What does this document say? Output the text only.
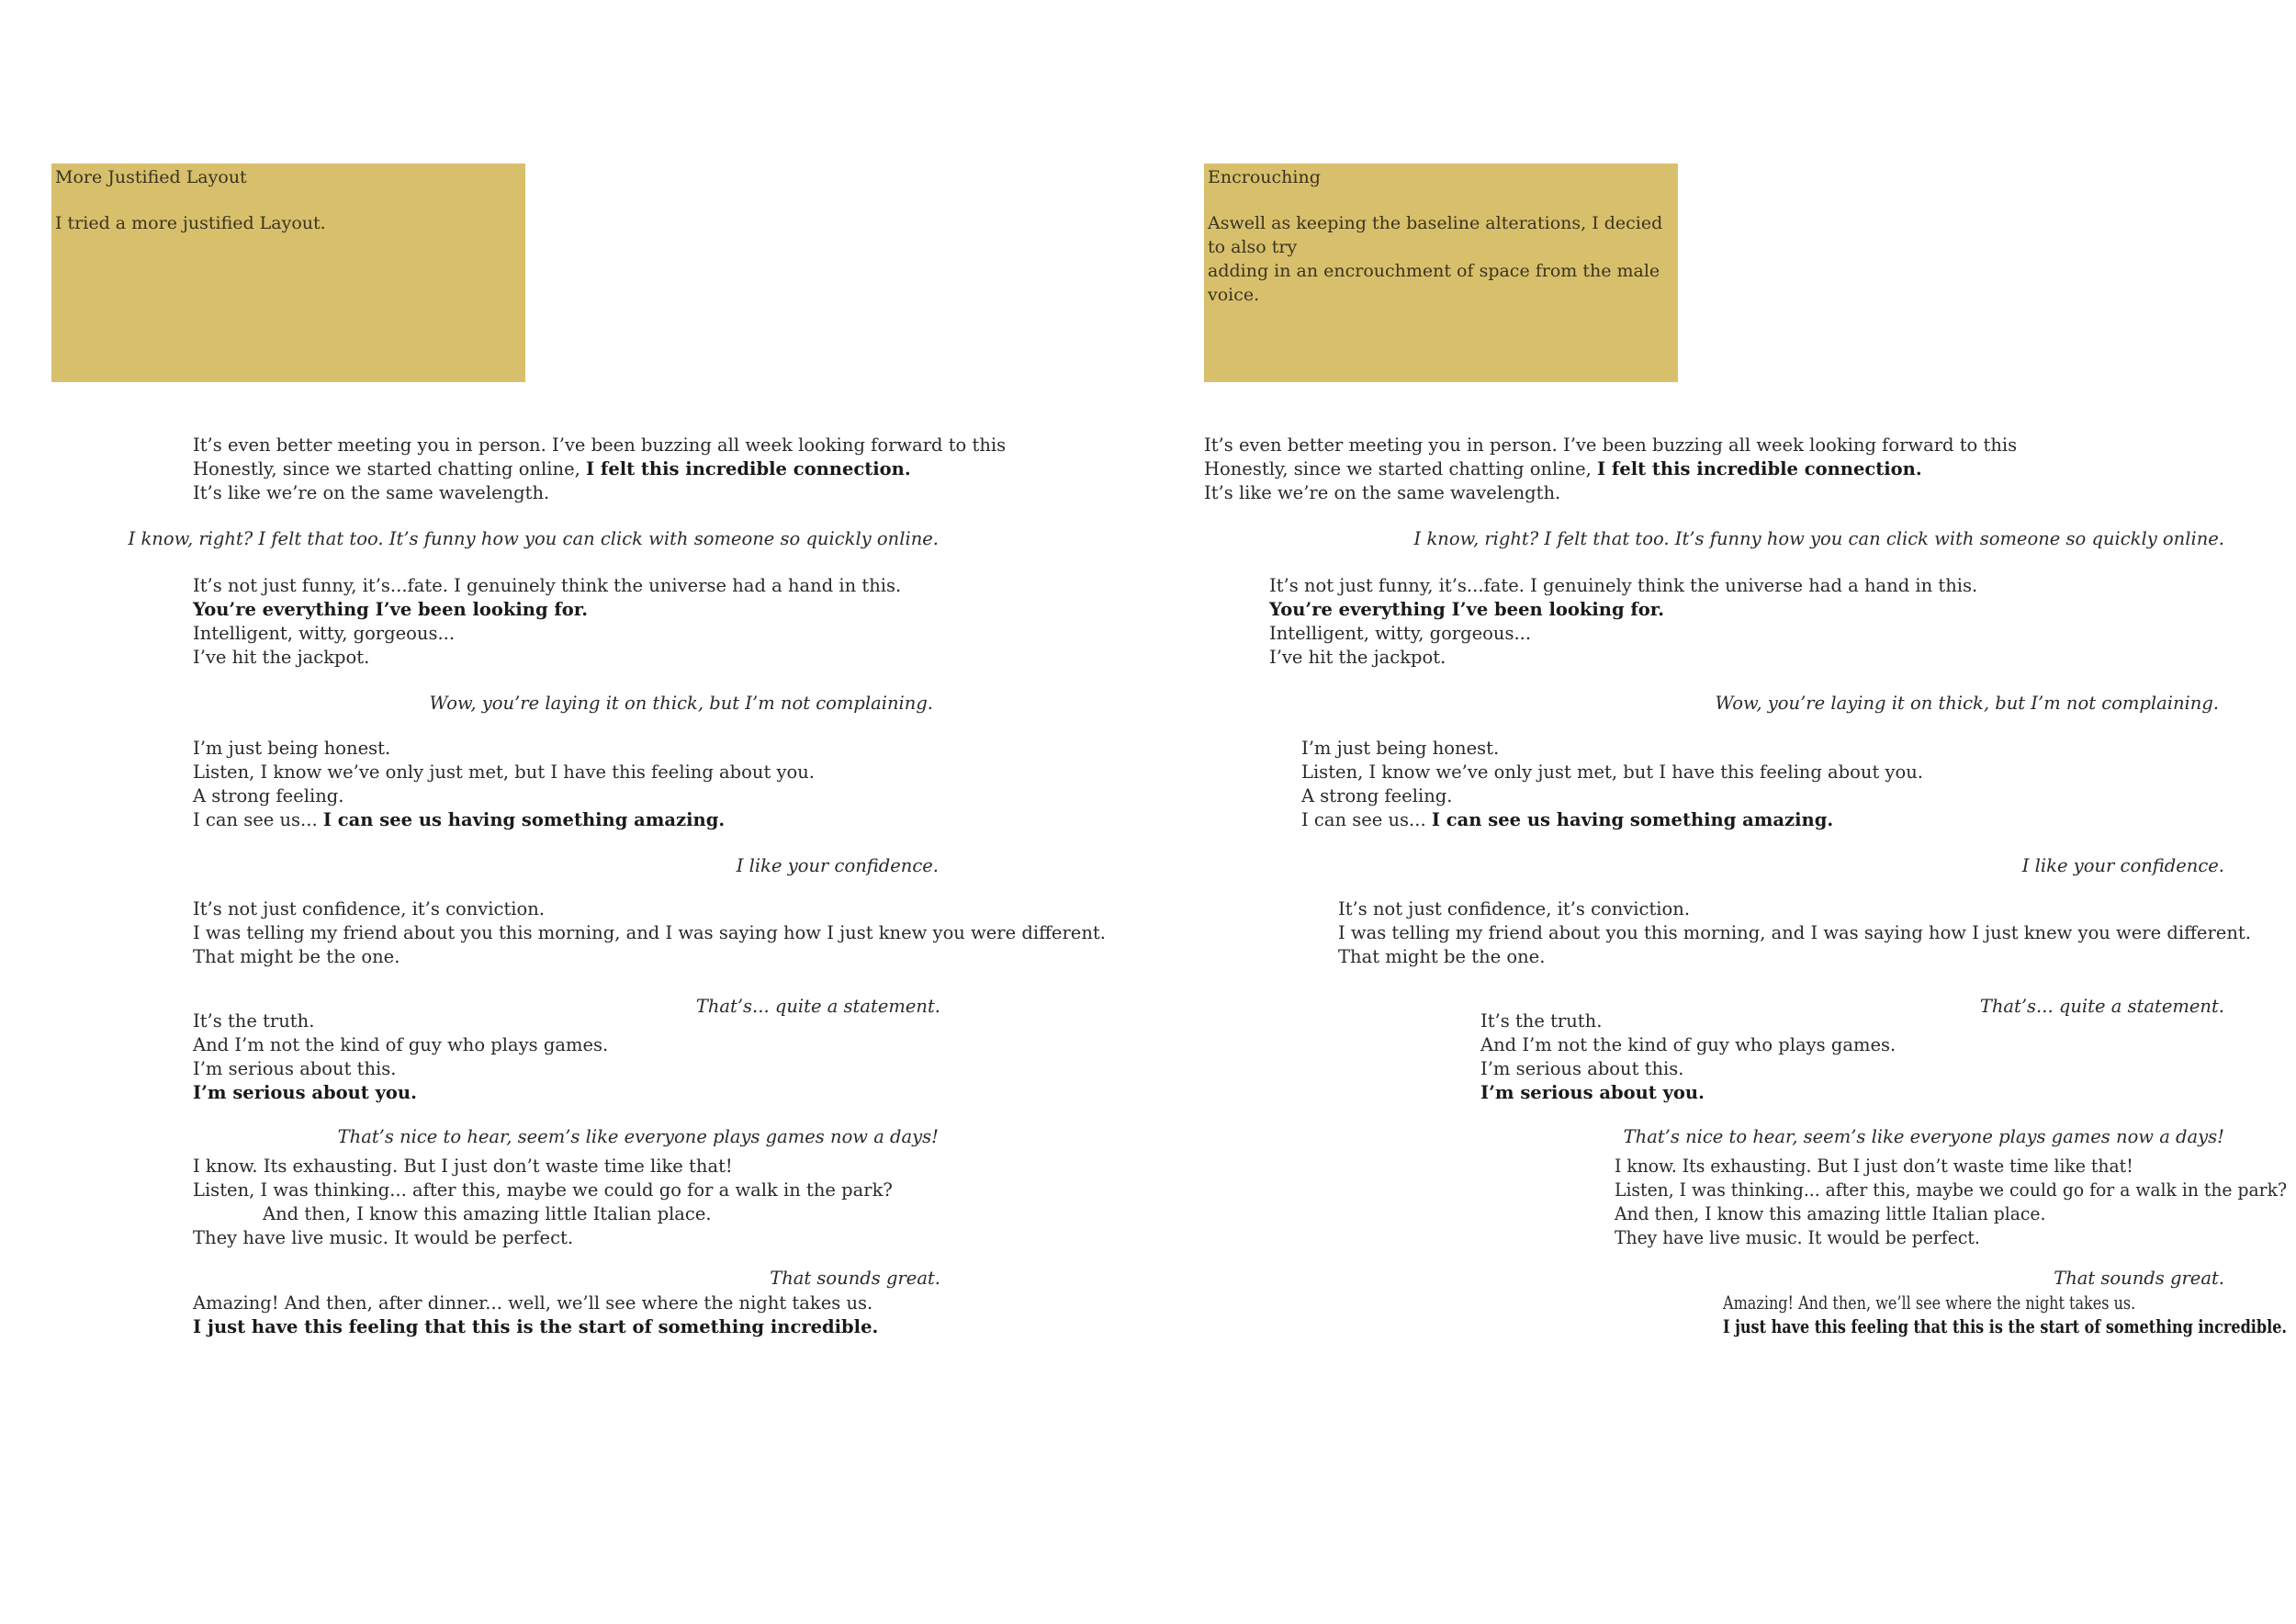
More Justified Layout
I tried a more justified Layout.
It’s even better meeting you in person. I’ve been buzzing all week looking forward to this
Honestly, since we started chatting online, I felt this incredible connection.
It’s like we’re on the same wavelength.
I know, right? I felt that too. It’s funny how you can click with someone so quickly online.
It’s not just funny, it’s...fate. I genuinely think the universe had a hand in this.
You’re everything I’ve been looking for.
Intelligent, witty, gorgeous...
I’ve hit the jackpot.
Wow, you’re laying it on thick, but I’m not complaining.
I’m just being honest.
Listen, I know we’ve only just met, but I have this feeling about you.
A strong feeling.
I can see us... I can see us having something amazing.
I like your confidence.
It’s not just confidence, it’s conviction.
I was telling my friend about you this morning, and I was saying how I just knew you were different.
That might be the one.
That’s... quite a statement.
It’s the truth.
And I’m not the kind of guy who plays games.
I’m serious about this.
I’m serious about you.
That’s nice to hear, seem’s like everyone plays games now a days!
I know. Its exhausting. But I just don’t waste time like that!
Listen, I was thinking... after this, maybe we could go for a walk in the park?
And then, I know this amazing little Italian place.
They have live music. It would be perfect.
That sounds great.
Amazing! And then, after dinner... well, we’ll see where the night takes us.
I just have this feeling that this is the start of something incredible.
Encrouching
Aswell as keeping the baseline alterations, I decied to also try
adding in an encrouchment of space from the male voice.
It’s even better meeting you in person. I’ve been buzzing all week looking forward to this
Honestly, since we started chatting online, I felt this incredible connection.
It’s like we’re on the same wavelength.
I know, right? I felt that too. It’s funny how you can click with someone so quickly online.
It’s not just funny, it’s...fate. I genuinely think the universe had a hand in this.
You’re everything I’ve been looking for.
Intelligent, witty, gorgeous...
I’ve hit the jackpot.
Wow, you’re laying it on thick, but I’m not complaining.
I’m just being honest.
Listen, I know we’ve only just met, but I have this feeling about you.
A strong feeling.
I can see us... I can see us having something amazing.
I like your confidence.
It’s not just confidence, it’s conviction.
I was telling my friend about you this morning, and I was saying how I just knew you were different.
That might be the one.
That’s... quite a statement.
It’s the truth.
And I’m not the kind of guy who plays games.
I’m serious about this.
I’m serious about you.
That’s nice to hear, seem’s like everyone plays games now a days!
I know. Its exhausting. But I just don’t waste time like that!
Listen, I was thinking... after this, maybe we could go for a walk in the park?
And then, I know this amazing little Italian place.
They have live music. It would be perfect.
That sounds great.
Amazing! And then, we’ll see where the night takes us.
I just have this feeling that this is the start of something incredible.
